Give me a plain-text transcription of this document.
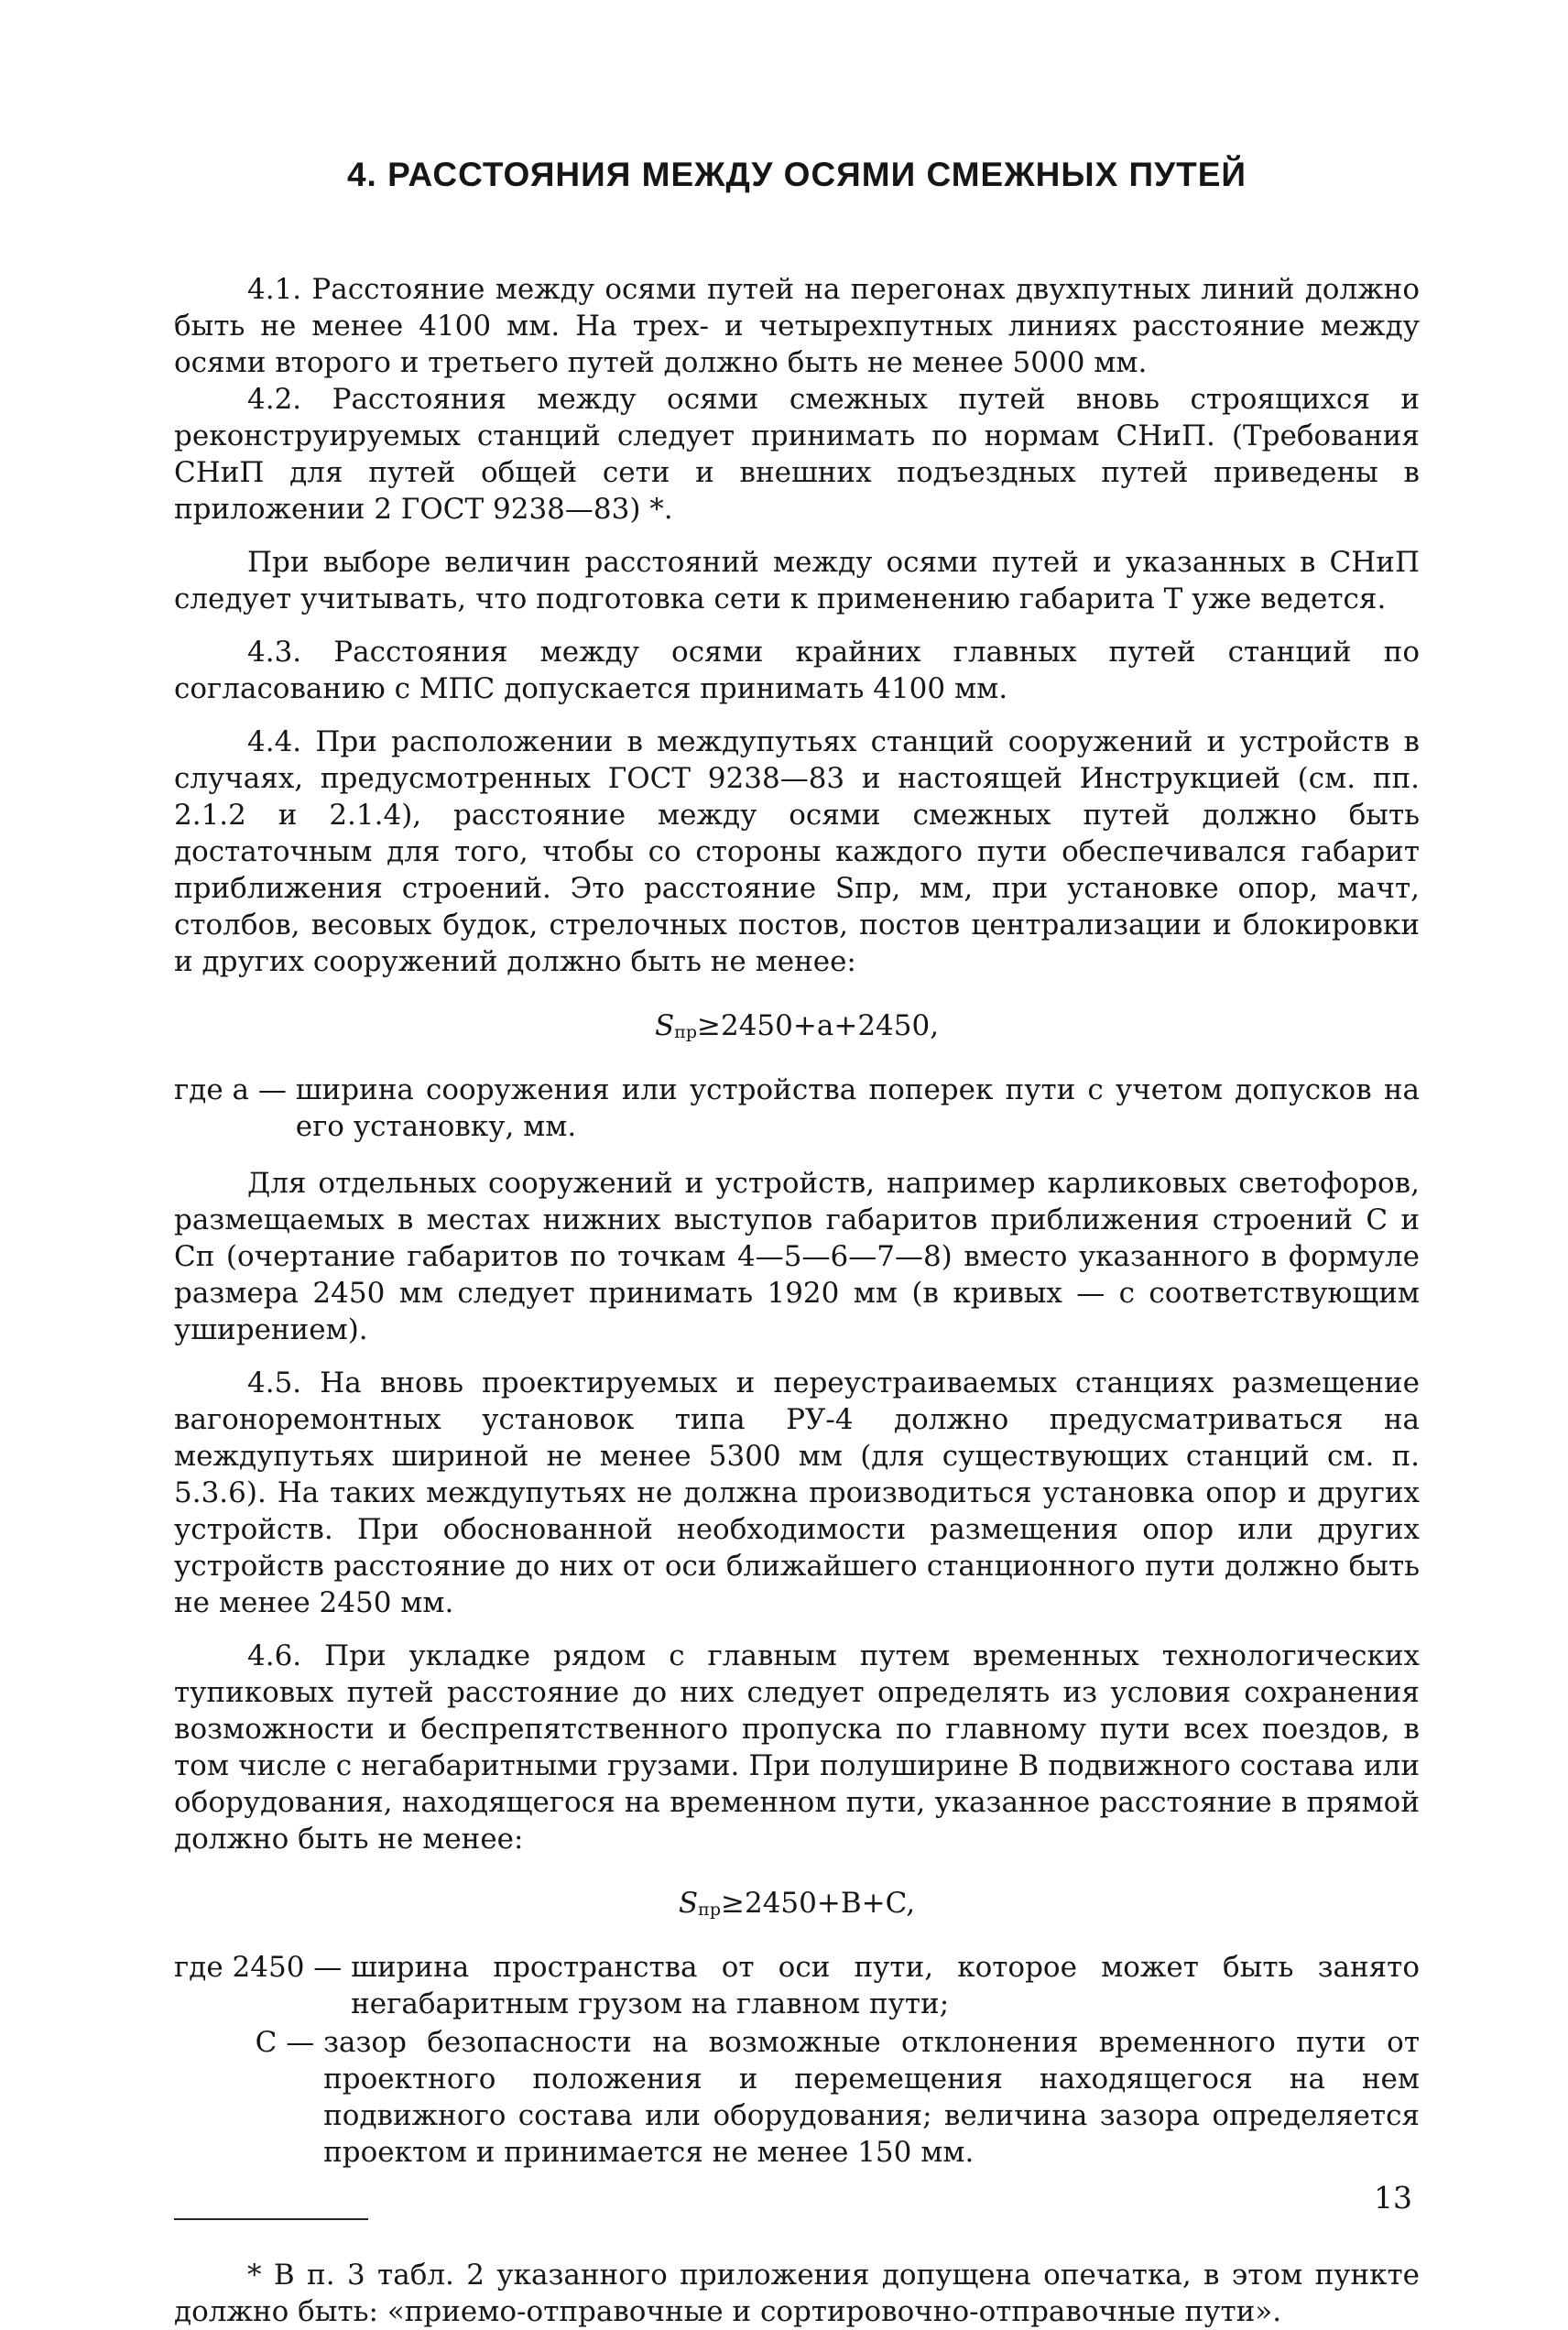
4. РАССТОЯНИЯ МЕЖДУ ОСЯМИ СМЕЖНЫХ ПУТЕЙ

4.1. Расстояние между осями путей на перегонах двухпутных линий должно быть не менее 4100 мм. На трех- и четырехпутных линиях расстояние между осями второго и третьего путей должно быть не менее 5000 мм.

4.2. Расстояния между осями смежных путей вновь строящихся и реконструируемых станций следует принимать по нормам СНиП. (Требования СНиП для путей общей сети и внешних подъездных путей приведены в приложении 2 ГОСТ 9238—83) *.

При выборе величин расстояний между осями путей и указанных в СНиП следует учитывать, что подготовка сети к применению габарита Т уже ведется.

4.3. Расстояния между осями крайних главных путей станций по согласованию с МПС допускается принимать 4100 мм.

4.4. При расположении в междупутьях станций сооружений и устройств в случаях, предусмотренных ГОСТ 9238—83 и настоящей Инструкцией (см. пп. 2.1.2 и 2.1.4), расстояние между осями смежных путей должно быть достаточным для того, чтобы со стороны каждого пути обеспечивался габарит приближения строений. Это расстояние Sпр, мм, при установке опор, мачт, столбов, весовых будок, стрелочных постов, постов централизации и блокировки и других сооружений должно быть не менее:

$S_{пр}\ge 2450+a+2450$,
где a — ширина сооружения или устройства поперек пути с учетом допусков на его установку, мм.

Для отдельных сооружений и устройств, например карликовых светофоров, размещаемых в местах нижних выступов габаритов приближения строений С и Сп (очертание габаритов по точкам 4—5—6—7—8) вместо указанного в формуле размера 2450 мм следует принимать 1920 мм (в кривых — с соответствующим уширением).

4.5. На вновь проектируемых и переустраиваемых станциях размещение вагоноремонтных установок типа РУ-4 должно предусматриваться на междупутьях шириной не менее 5300 мм (для существующих станций см. п. 5.3.6). На таких междупутьях не должна производиться установка опор и других устройств. При обоснованной необходимости размещения опор или других устройств расстояние до них от оси ближайшего станционного пути должно быть не менее 2450 мм.

4.6. При укладке рядом с главным путем временных технологических тупиковых путей расстояние до них следует определять из условия сохранения возможности и беспрепятственного пропуска по главному пути всех поездов, в том числе с негабаритными грузами. При полуширине В подвижного состава или оборудования, находящегося на временном пути, указанное расстояние в прямой должно быть не менее:

$S_{пр}\ge 2450+B+C$,
где 2450 — ширина пространства от оси пути, которое может быть занято негабаритным грузом на главном пути;
C — зазор безопасности на возможные отклонения временного пути от проектного положения и перемещения находящегося на нем подвижного состава или оборудования; величина зазора определяется проектом и принимается не менее 150 мм.

* В п. 3 табл. 2 указанного приложения допущена опечатка, в этом пункте должно быть: «приемо-отправочные и сортировочно-отправочные пути».

13
